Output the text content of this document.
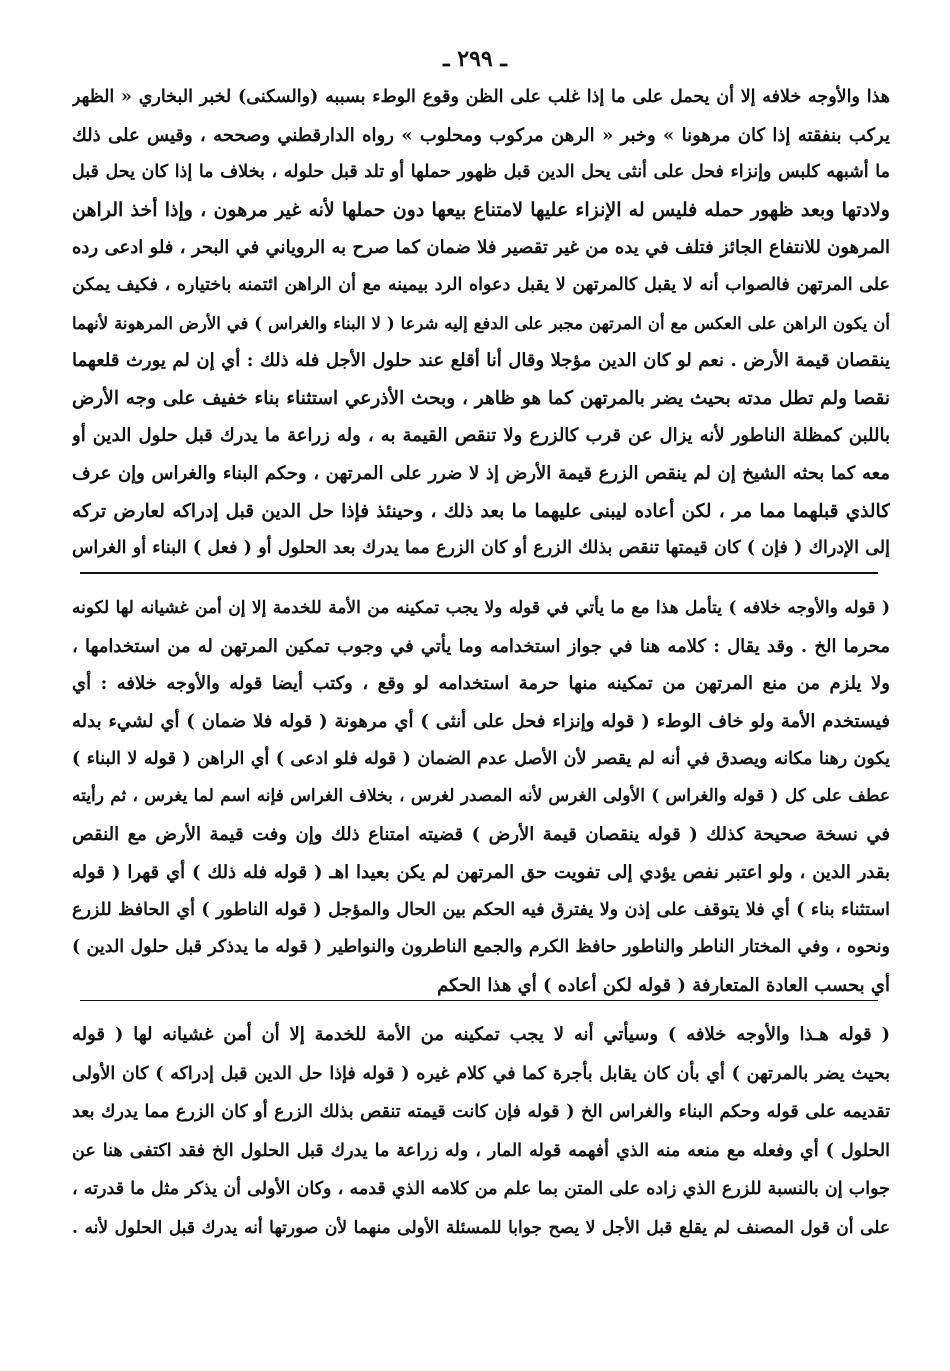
ـ ٢٩٩ ـ
هذا والأوجه خلافه إلا أن يحمل على ما إذا غلب على الظن وقوع الوطء بسببه (والسكنى) لخبر البخاري « الظهر
يركب بنفقته إذا كان مرهونا » وخبر « الرهن مركوب ومحلوب » رواه الدارقطني وصححه ، وقيس على ذلك
ما أشبهه كلبس وإنزاء فحل على أنثى يحل الدين قبل ظهور حملها أو تلد قبل حلوله ، بخلاف ما إذا كان يحل قبل
ولادتها وبعد ظهور حمله فليس له الإنزاء عليها لامتناع بيعها دون حملها لأنه غير مرهون ، وإذا أخذ الراهن
المرهون للانتفاع الجائز فتلف في يده من غير تقصير فلا ضمان كما صرح به الروياني في البحر ، فلو ادعى رده
على المرتهن فالصواب أنه لا يقبل كالمرتهن لا يقبل دعواه الرد بيمينه مع أن الراهن ائتمنه باختياره ، فكيف يمكن
أن يكون الراهن على العكس مع أن المرتهن مجبر على الدفع إليه شرعا ( لا البناء والغراس ) في الأرض المرهونة لأنهما
ينقصان قيمة الأرض . نعم لو كان الدين مؤجلا وقال أنا أقلع عند حلول الأجل فله ذلك : أي إن لم يورث قلعهما
نقصا ولم تطل مدته بحيث يضر بالمرتهن كما هو ظاهر ، وبحث الأذرعي استثناء بناء خفيف على وجه الأرض
باللبن كمظلة الناطور لأنه يزال عن قرب كالزرع ولا تنقص القيمة به ، وله زراعة ما يدرك قبل حلول الدين أو
معه كما بحثه الشيخ إن لم ينقص الزرع قيمة الأرض إذ لا ضرر على المرتهن ، وحكم البناء والغراس وإن عرف
كالذي قبلهما مما مر ، لكن أعاده ليبنى عليهما ما بعد ذلك ، وحينئذ فإذا حل الدين قبل إدراكه لعارض تركه
إلى الإدراك ( فإن ) كان قيمتها تنقص بذلك الزرع أو كان الزرع مما يدرك بعد الحلول أو ( فعل ) البناء أو الغراس
( قوله والأوجه خلافه ) يتأمل هذا مع ما يأتي في قوله ولا يجب تمكينه من الأمة للخدمة إلا إن أمن غشيانه لها لكونه
محرما الخ . وقد يقال : كلامه هنا في جواز استخدامه وما يأتي في وجوب تمكين المرتهن له من استخدامها ،
ولا يلزم من منع المرتهن من تمكينه منها حرمة استخدامه لو وقع ، وكتب أيضا قوله والأوجه خلافه : أي
فيستخدم الأمة ولو خاف الوطء ( قوله وإنزاء فحل على أنثى ) أي مرهونة ( قوله فلا ضمان ) أي لشيء بدله
يكون رهنا مكانه ويصدق في أنه لم يقصر لأن الأصل عدم الضمان ( قوله فلو ادعى ) أي الراهن ( قوله لا البناء )
عطف على كل ( قوله والغراس ) الأولى الغرس لأنه المصدر لغرس ، بخلاف الغراس فإنه اسم لما يغرس ، ثم رأيته
في نسخة صحيحة كذلك ( قوله ينقصان قيمة الأرض ) قضيته امتناع ذلك وإن وفت قيمة الأرض مع النقص
بقدر الدين ، ولو اعتبر نفص يؤدي إلى تفويت حق المرتهن لم يكن بعيدا اهـ ( قوله فله ذلك ) أي قهرا ( قوله
استثناء بناء ) أي فلا يتوقف على إذن ولا يفترق فيه الحكم بين الحال والمؤجل ( قوله الناطور ) أي الحافظ للزرع
ونحوه ، وفي المختار الناطر والناطور حافظ الكرم والجمع الناطرون والنواطير ( قوله ما يدذكر قبل حلول الدين )
أي بحسب العادة المتعارفة ( قوله لكن أعاده ) أي هذا الحكم
( قوله هـذا والأوجه خلافه ) وسيأتي أنه لا يجب تمكينه من الأمة للخدمة إلا أن أمن غشيانه لها ( قوله
بحيث يضر بالمرتهن ) أي بأن كان يقابل بأجرة كما في كلام غيره ( قوله فإذا حل الدين قبل إدراكه ) كان الأولى
تقديمه على قوله وحكم البناء والغراس الخ ( قوله فإن كانت قيمته تنقص بذلك الزرع أو كان الزرع مما يدرك بعد
الحلول ) أي وفعله مع منعه منه الذي أفهمه قوله المار ، وله زراعة ما يدرك قبل الحلول الخ فقد اكتفى هنا عن
جواب إن بالنسبة للزرع الذي زاده على المتن بما علم من كلامه الذي قدمه ، وكان الأولى أن يذكر مثل ما قدرته ،
على أن قول المصنف لم يقلع قبل الأجل لا يصح جوابا للمسئلة الأولى منهما لأن صورتها أنه يدرك قبل الحلول لأنه .
